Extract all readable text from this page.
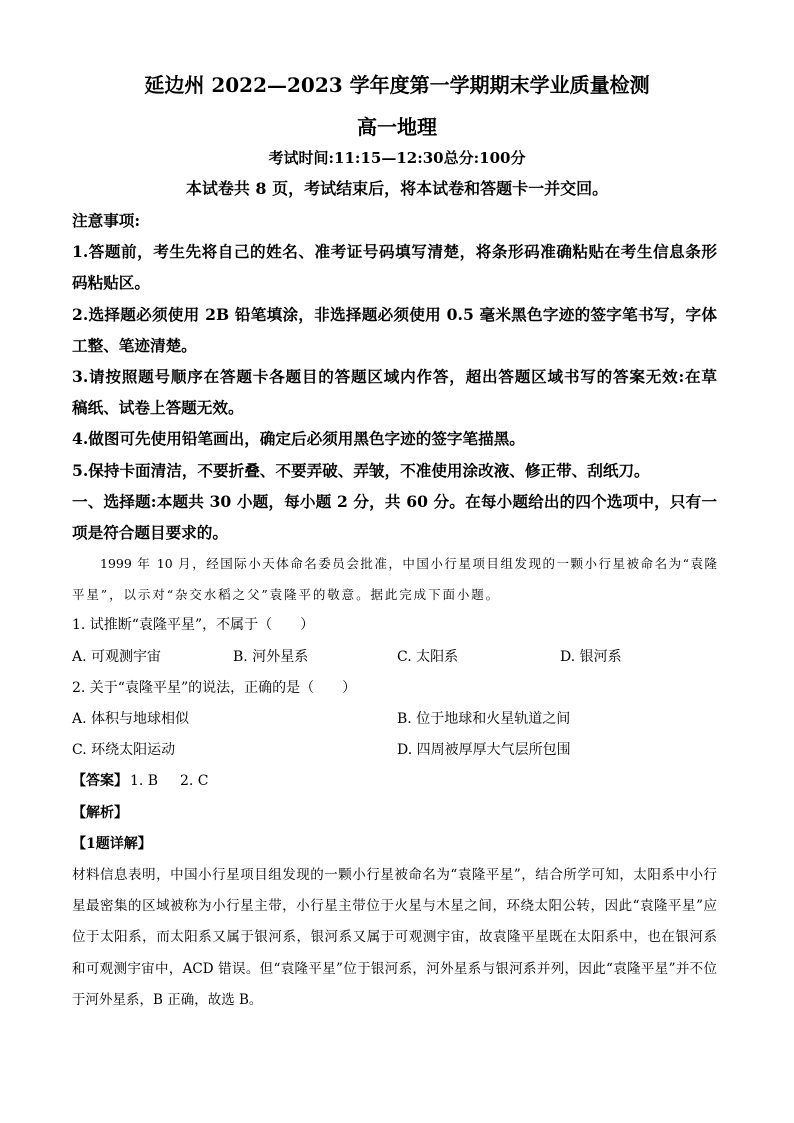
延边州 2022—2023 学年度第一学期期末学业质量检测
高一地理
考试时间:11:15—12:30总分:100分
本试卷共 8 页，考试结束后，将本试卷和答题卡一并交回。
注意事项:
1.答题前，考生先将自己的姓名、准考证号码填写清楚，将条形码准确粘贴在考生信息条形
码粘贴区。
2.选择题必须使用 2B 铅笔填涂，非选择题必须使用 0.5 毫米黑色字迹的签字笔书写，字体
工整、笔迹清楚。
3.请按照题号顺序在答题卡各题目的答题区域内作答，超出答题区域书写的答案无效:在草
稿纸、试卷上答题无效。
4.做图可先使用铅笔画出，确定后必须用黑色字迹的签字笔描黑。
5.保持卡面清洁，不要折叠、不要弄破、弄皱，不准使用涂改液、修正带、刮纸刀。
一、选择题:本题共 30 小题，每小题 2 分，共 60 分。在每小题给出的四个选项中，只有一
项是符合题目要求的。
1999 年 10 月，经国际小天体命名委员会批准，中国小行星项目组发现的一颗小行星被命名为“袁隆
平星”，以示对“杂交水稻之父”袁隆平的敬意。据此完成下面小题。
1. 试推断“袁隆平星”，不属于（　　）
A. 可观测宇宙	B. 河外星系	C. 太阳系	D. 银河系
2. 关于“袁隆平星”的说法，正确的是（　　）
A. 体积与地球相似	B. 位于地球和火星轨道之间
C. 环绕太阳运动	D. 四周被厚厚大气层所包围
【答案】 1. B 2. C
【解析】
【1题详解】
材料信息表明，中国小行星项目组发现的一颗小行星被命名为“袁隆平星”，结合所学可知，太阳系中小行
星最密集的区域被称为小行星主带，小行星主带位于火星与木星之间，环绕太阳公转，因此“袁隆平星”应
位于太阳系，而太阳系又属于银河系，银河系又属于可观测宇宙，故袁隆平星既在太阳系中，也在银河系
和可观测宇宙中，ACD 错误。但“袁隆平星”位于银河系，河外星系与银河系并列，因此“袁隆平星”并不位
于河外星系，B 正确，故选 B。
